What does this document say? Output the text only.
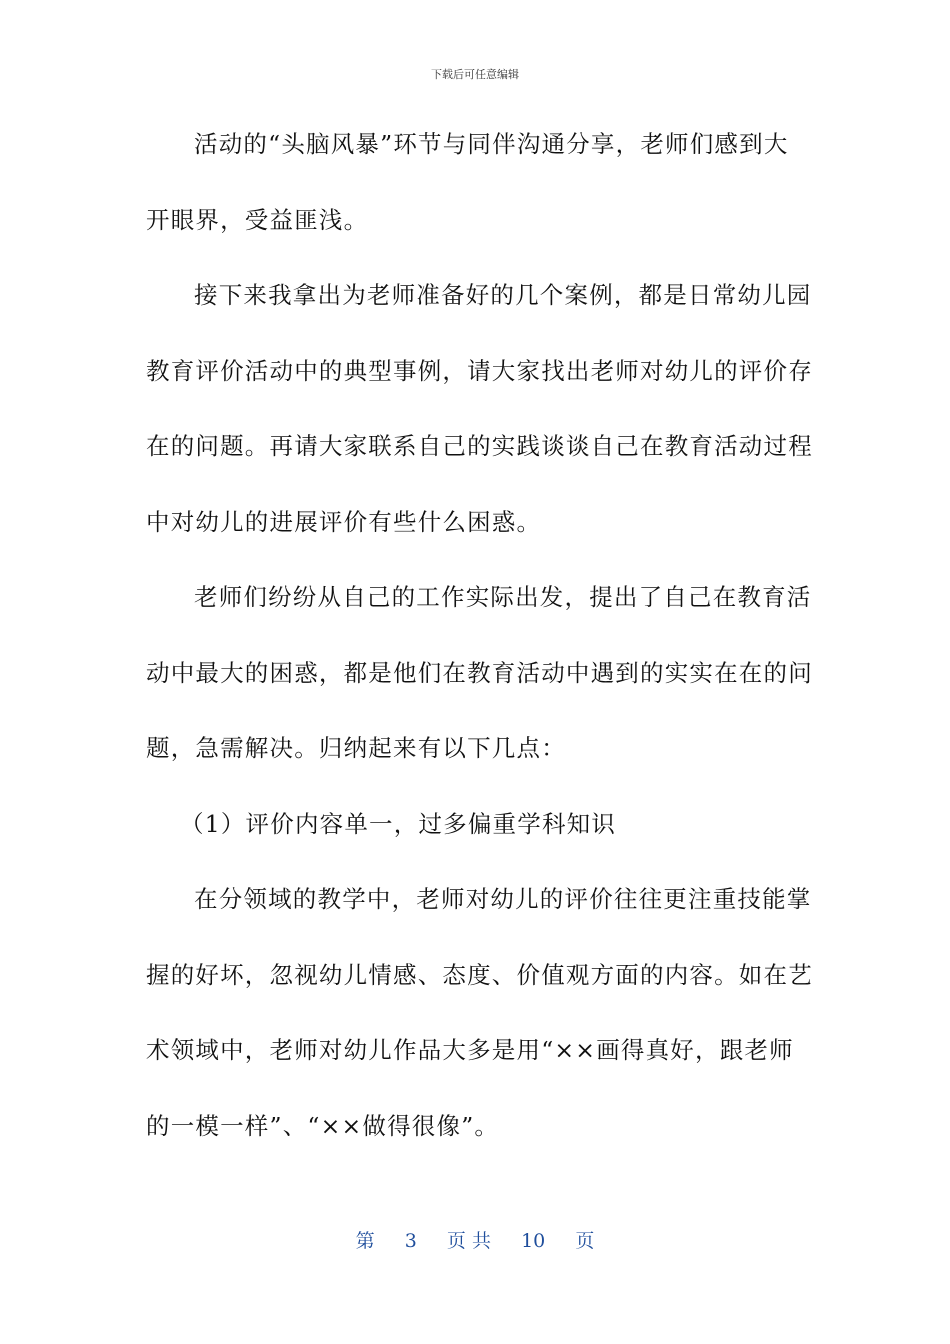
下载后可任意编辑
活动的“头脑风暴”环节与同伴沟通分享，老师们感到大
开眼界，受益匪浅。
接下来我拿出为老师准备好的几个案例，都是日常幼儿园
教育评价活动中的典型事例，请大家找出老师对幼儿的评价存
在的问题。再请大家联系自己的实践谈谈自己在教育活动过程
中对幼儿的进展评价有些什么困惑。
老师们纷纷从自己的工作实际出发，提出了自己在教育活
动中最大的困惑，都是他们在教育活动中遇到的实实在在的问
题，急需解决。归纳起来有以下几点：
（1）评价内容单一，过多偏重学科知识
在分领域的教学中，老师对幼儿的评价往往更注重技能掌
握的好坏，忽视幼儿情感、态度、价值观方面的内容。如在艺
术领域中，老师对幼儿作品大多是用“××画得真好，跟老师
的一模一样”、“××做得很像”。
第 3 页 共 10 页
